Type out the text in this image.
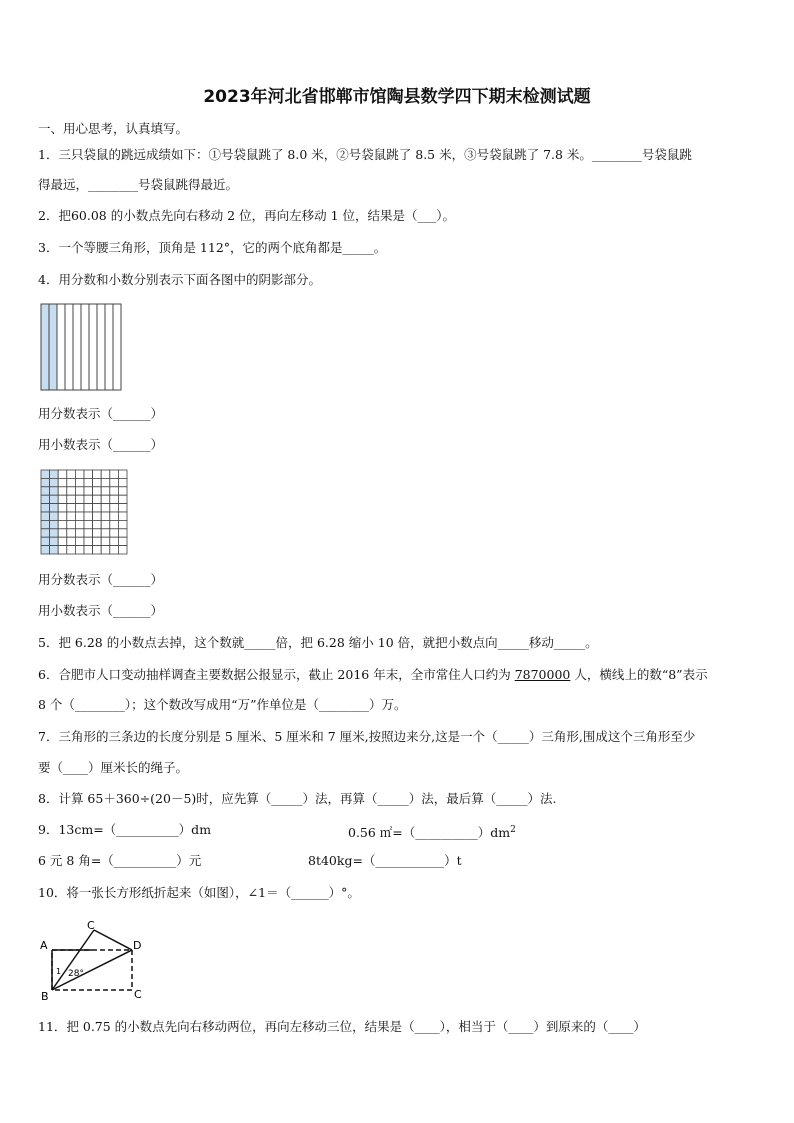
2023年河北省邯郸市馆陶县数学四下期末检测试题
一、用心思考，认真填写。
1．三只袋鼠的跳远成绩如下：①号袋鼠跳了 8.0 米，②号袋鼠跳了 8.5 米，③号袋鼠跳了 7.8 米。________号袋鼠跳
得最远，________号袋鼠跳得最近。
2．把60.08 的小数点先向右移动 2 位，再向左移动 1 位，结果是（___）。
3．一个等腰三角形，顶角是 112°，它的两个底角都是_____。
4．用分数和小数分别表示下面各图中的阴影部分。
用分数表示（______）
用小数表示（______）
用分数表示（______）
用小数表示（______）
5．把 6.28 的小数点去掉，这个数就_____倍，把 6.28 缩小 10 倍，就把小数点向_____移动_____。
6．合肥市人口变动抽样调查主要数据公报显示，截止 2016 年末，全市常住人口约为 7870000 人，横线上的数“8”表示
8 个（________）；这个数改写成用“万”作单位是（________）万。
7．三角形的三条边的长度分别是 5 厘米、5 厘米和 7 厘米,按照边来分,这是一个（_____）三角形,围成这个三角形至少
要（____）厘米长的绳子。
8．计算 65＋360÷(20－5)时，应先算（_____）法，再算（_____）法，最后算（_____）法.
9．13cm=（__________）dm	0.56 $㎡=(\_\_\_\_\_\_\_\_\_\_)dm^2$
6 元 8 角=（__________）元	8t40kg=（___________）t
10．将一张长方形纸折起来（如图），∠1＝（______）°。
A
B
C
D
C
1 28°
11．把 0.75 的小数点先向右移动两位，再向左移动三位，结果是（____），相当于（____）到原来的（____）
